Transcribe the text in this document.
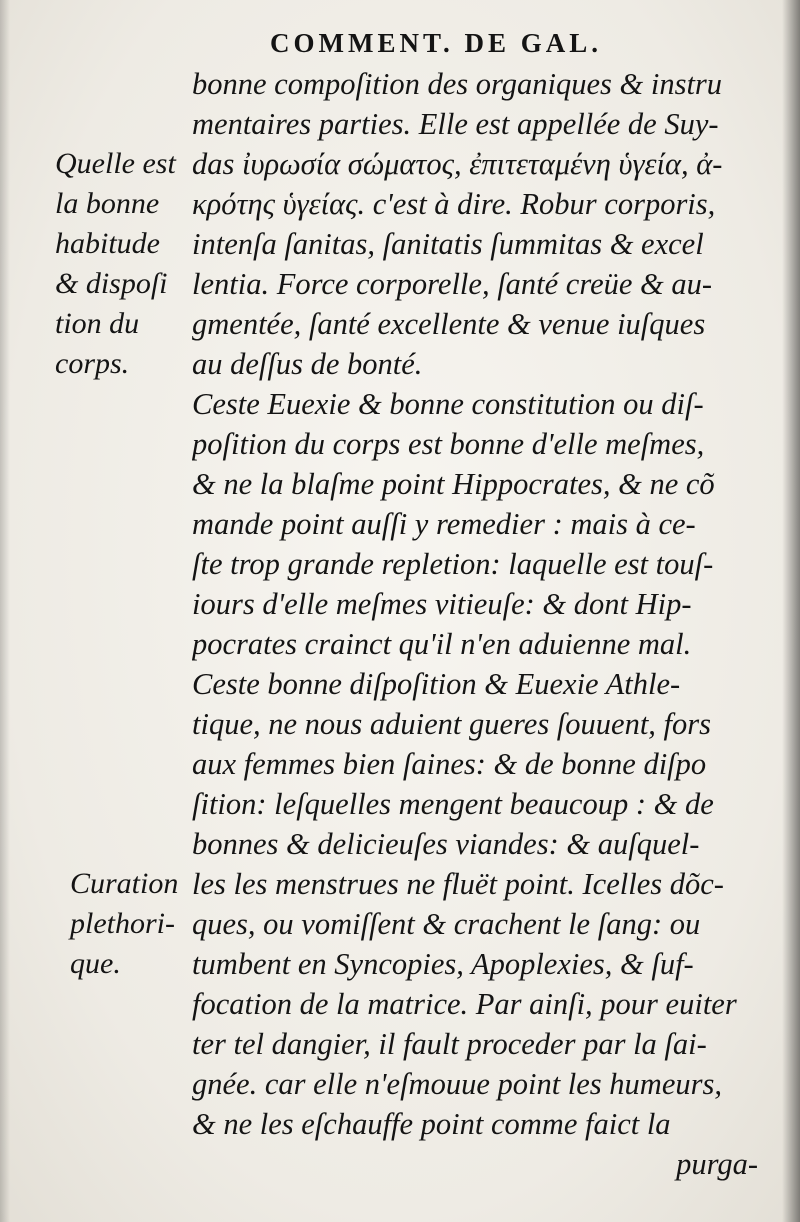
COMMENT. DE GAL.
Quelle est
la bonne
habitude
& dispoſi
tion du
corps.
Curation
plethori-
que.
bonne compoſition des organiques & instru
mentaires parties. Elle est appellée de Suy-
das ἰυρωσία σώματος, ἐπιτεταμένη ὑγεία, ἀ-
κρότης ὑγείας. c'est à dire. Robur corporis,
intenſa ſanitas, ſanitatis ſummitas & excel
lentia. Force corporelle, ſanté creüe & au-
gmentée, ſanté excellente & venue iuſques
au deſſus de bonté.
Ceste Euexie & bonne constitution ou diſ-
poſition du corps est bonne d'elle meſmes,
& ne la blaſme point Hippocrates, & ne cõ
mande point auſſi y remedier : mais à ce-
ſte trop grande repletion: laquelle est touſ-
iours d'elle meſmes vitieuſe: & dont Hip-
pocrates crainct qu'il n'en aduienne mal.
Ceste bonne diſpoſition & Euexie Athle-
tique, ne nous aduient gueres ſouuent, fors
aux femmes bien ſaines: & de bonne diſpo
ſition: leſquelles mengent beaucoup : & de
bonnes & delicieuſes viandes: & auſquel-
les les menstrues ne fluët point. Icelles dõc-
ques, ou vomiſſent & crachent le ſang: ou
tumbent en Syncopies, Apoplexies, & ſuf-
focation de la matrice. Par ainſi, pour euiter
ter tel dangier, il fault proceder par la ſai-
gnée. car elle n'eſmouue point les humeurs,
& ne les eſchauffe point comme faict la
purga-
